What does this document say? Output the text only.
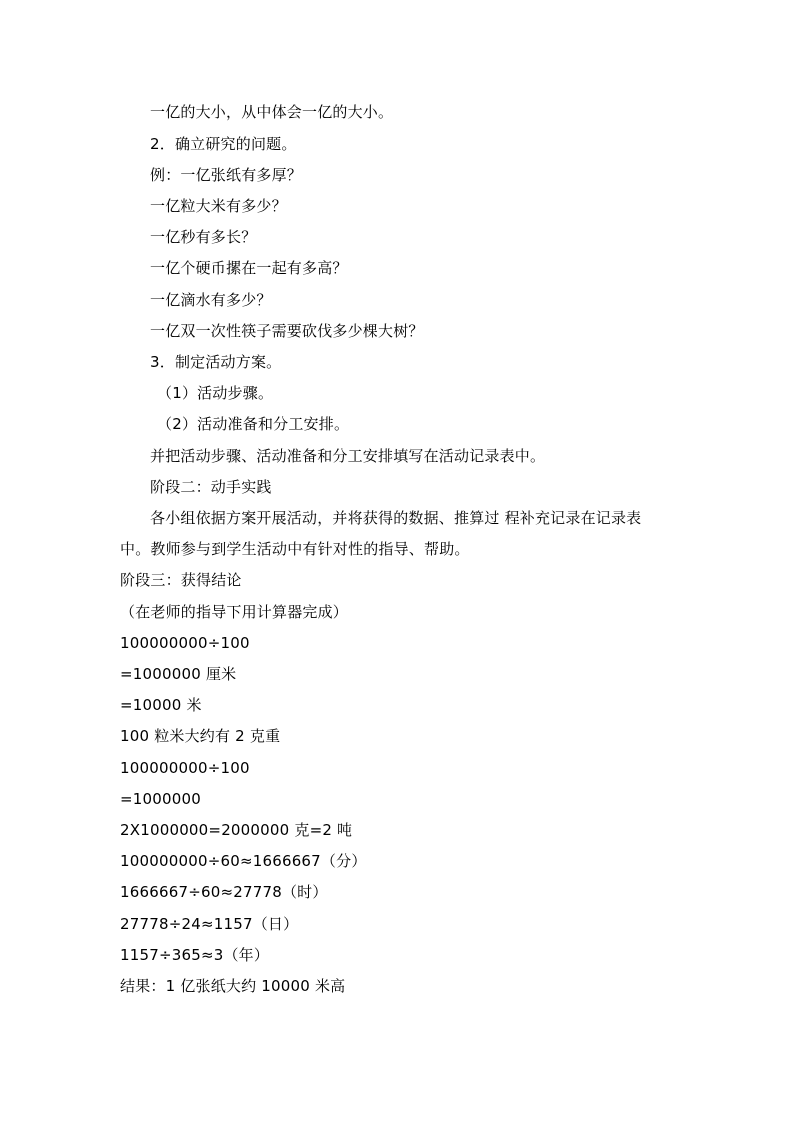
一亿的大小，从中体会一亿的大小。
2．确立研究的问题。
例：一亿张纸有多厚？
一亿粒大米有多少？
一亿秒有多长？
一亿个硬币摞在一起有多高？
一亿滴水有多少？
一亿双一次性筷子需要砍伐多少棵大树？
3．制定活动方案。
（1）活动步骤。
（2）活动准备和分工安排。
并把活动步骤、活动准备和分工安排填写在活动记录表中。
阶段二：动手实践
各小组依据方案开展活动，并将获得的数据、推算过 程补充记录在记录表
中。教师参与到学生活动中有针对性的指导、帮助。
阶段三：获得结论
（在老师的指导下用计算器完成）
100000000÷100
=1000000 厘米
=10000 米
100 粒米大约有 2 克重
100000000÷100
=1000000
2X1000000=2000000 克=2 吨
100000000÷60≈1666667（分）
1666667÷60≈27778（时）
27778÷24≈1157（日）
1157÷365≈3（年）
结果：1 亿张纸大约 10000 米高
